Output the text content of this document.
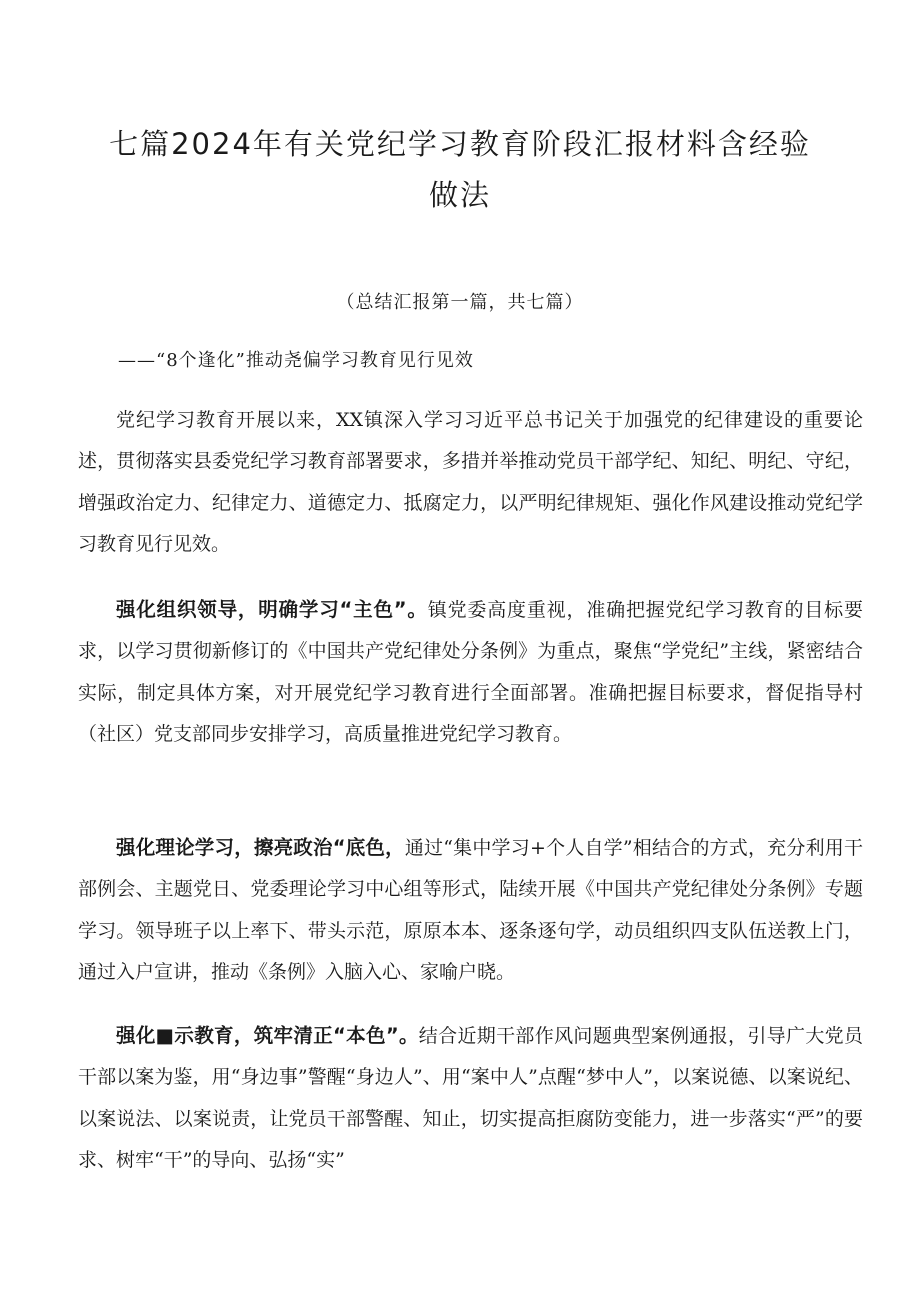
七篇2024年有关党纪学习教育阶段汇报材料含经验
做法
（总结汇报第一篇，共七篇）
——“8个逢化”推动尧偏学习教育见行见效

党纪学习教育开展以来，XX镇深入学习习近平总书记关于加强党的纪律建设的重要论述，贯彻落实县委党纪学习教育部署要求，多措并举推动党员干部学纪、知纪、明纪、守纪，增强政治定力、纪律定力、道德定力、抵腐定力，以严明纪律规矩、强化作风建设推动党纪学习教育见行见效。

强化组织领导，明确学习“主色”。镇党委高度重视，准确把握党纪学习教育的目标要求，以学习贯彻新修订的《中国共产党纪律处分条例》为重点，聚焦“学党纪”主线，紧密结合实际，制定具体方案，对开展党纪学习教育进行全面部署。准确把握目标要求，督促指导村（社区）党支部同步安排学习，高质量推进党纪学习教育。

强化理论学习，擦亮政治“底色，通过“集中学习+个人自学”相结合的方式，充分利用干部例会、主题党日、党委理论学习中心组等形式，陆续开展《中国共产党纪律处分条例》专题学习。领导班子以上率下、带头示范，原原本本、逐条逐句学，动员组织四支队伍送教上门，通过入户宣讲，推动《条例》入脑入心、家喻户晓。

强化■示教育，筑牢清正“本色”。结合近期干部作风问题典型案例通报，引导广大党员干部以案为鉴，用“身边事”警醒“身边人”、用“案中人”点醒“梦中人”，以案说德、以案说纪、以案说法、以案说责，让党员干部警醒、知止，切实提高拒腐防变能力，进一步落实“严”的要求、树牢“干”的导向、弘扬“实”
